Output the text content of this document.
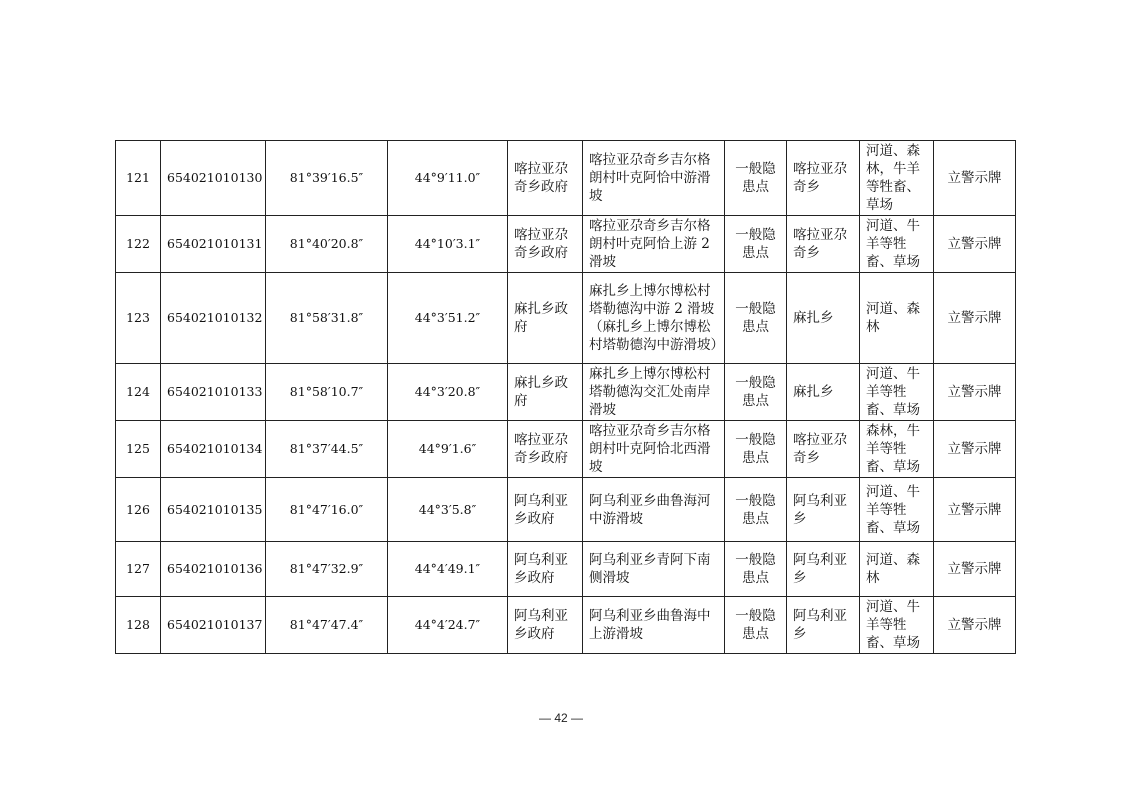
121	654021010130	81°39′16.5″	44°9′11.0″	喀拉亚尕奇乡政府	喀拉亚尕奇乡吉尔格朗村叶克阿恰中游滑坡	一般隐患点	喀拉亚尕奇乡	河道、森林，牛羊等牲畜、草场	立警示牌
122	654021010131	81°40′20.8″	44°10′3.1″	喀拉亚尕奇乡政府	喀拉亚尕奇乡吉尔格朗村叶克阿恰上游 2 滑坡	一般隐患点	喀拉亚尕奇乡	河道、牛羊等牲畜、草场	立警示牌
123	654021010132	81°58′31.8″	44°3′51.2″	麻扎乡政府	麻扎乡上博尔博松村塔勒德沟中游 2 滑坡（麻扎乡上博尔博松村塔勒德沟中游滑坡）	一般隐患点	麻扎乡	河道、森林	立警示牌
124	654021010133	81°58′10.7″	44°3′20.8″	麻扎乡政府	麻扎乡上博尔博松村塔勒德沟交汇处南岸滑坡	一般隐患点	麻扎乡	河道、牛羊等牲畜、草场	立警示牌
125	654021010134	81°37′44.5″	44°9′1.6″	喀拉亚尕奇乡政府	喀拉亚尕奇乡吉尔格朗村叶克阿恰北西滑坡	一般隐患点	喀拉亚尕奇乡	森林，牛羊等牲畜、草场	立警示牌
126	654021010135	81°47′16.0″	44°3′5.8″	阿乌利亚乡政府	阿乌利亚乡曲鲁海河中游滑坡	一般隐患点	阿乌利亚乡	河道、牛羊等牲畜、草场	立警示牌
127	654021010136	81°47′32.9″	44°4′49.1″	阿乌利亚乡政府	阿乌利亚乡青阿下南侧滑坡	一般隐患点	阿乌利亚乡	河道、森林	立警示牌
128	654021010137	81°47′47.4″	44°4′24.7″	阿乌利亚乡政府	阿乌利亚乡曲鲁海中上游滑坡	一般隐患点	阿乌利亚乡	河道、牛羊等牲畜、草场	立警示牌
— 42 —
